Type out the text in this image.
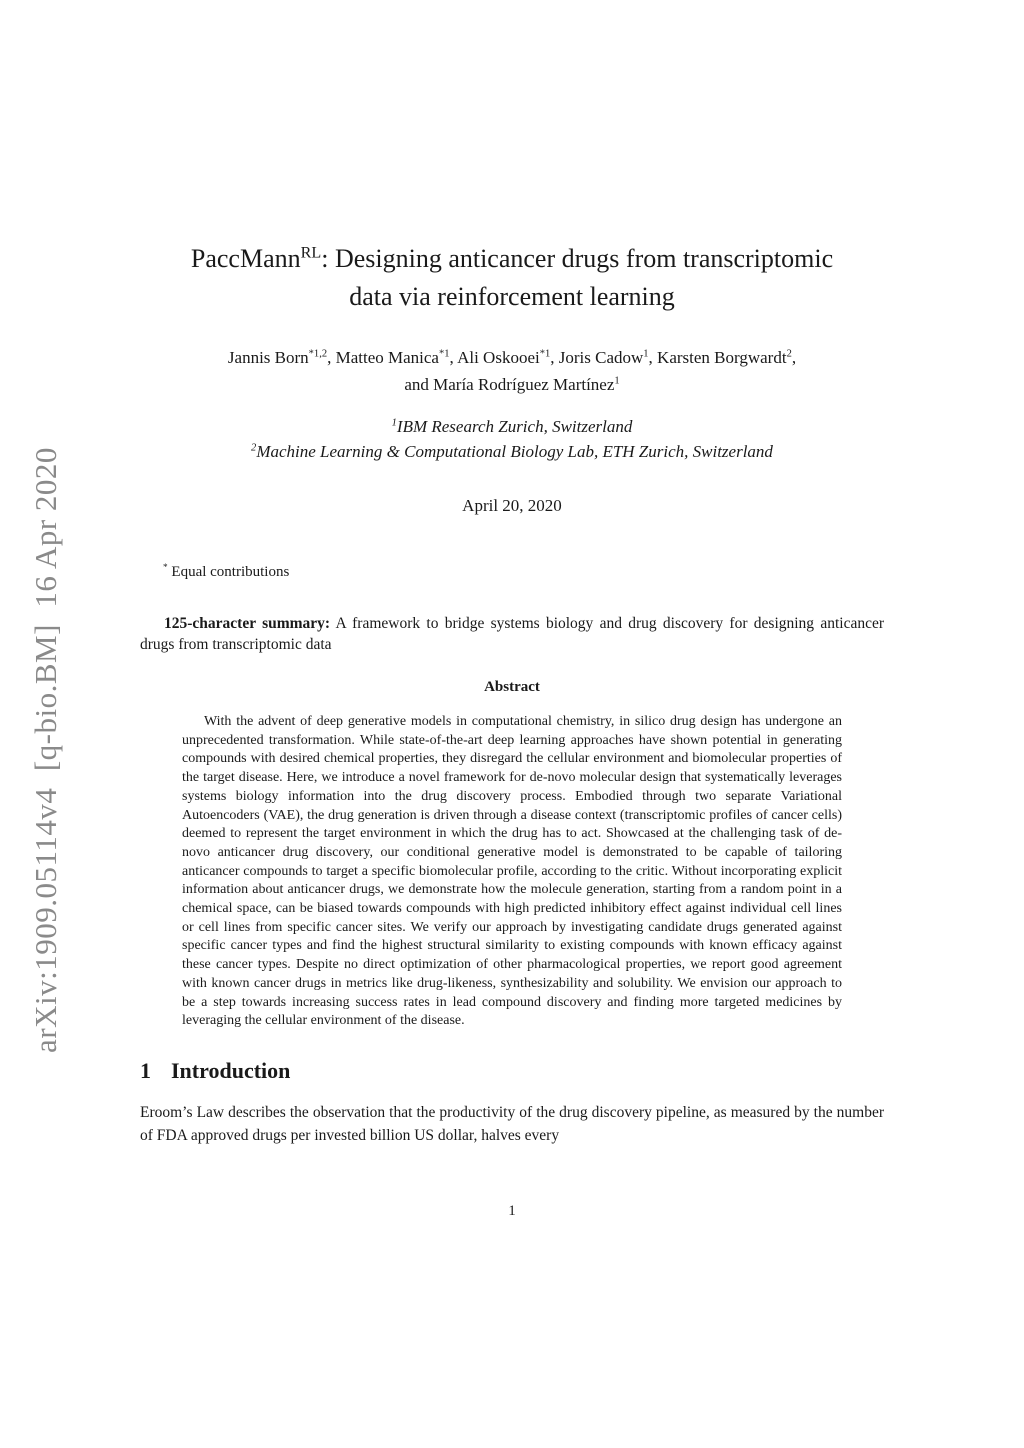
arXiv:1909.05114v4  [q-bio.BM]  16 Apr 2020
PaccMann$^{RL}$: Designing anticancer drugs from transcriptomic
data via reinforcement learning
Jannis Born$^{*1,2}$, Matteo Manica$^{*1}$, Ali Oskooei$^{*1}$, Joris Cadow$^1$, Karsten Borgwardt$^2$,
and María Rodríguez Martínez$^1$
$^1$IBM Research Zurich, Switzerland
$^2$Machine Learning & Computational Biology Lab, ETH Zurich, Switzerland
April 20, 2020
* Equal contributions

125-character summary: A framework to bridge systems biology and drug discovery for designing anticancer drugs from transcriptomic data

Abstract

With the advent of deep generative models in computational chemistry, in silico drug design has undergone an unprecedented transformation. While state-of-the-art deep learning approaches have shown potential in generating compounds with desired chemical properties, they disregard the cellular environment and biomolecular properties of the target disease. Here, we introduce a novel framework for de-novo molecular design that systematically leverages systems biology information into the drug discovery process. Embodied through two separate Variational Autoencoders (VAE), the drug generation is driven through a disease context (transcriptomic profiles of cancer cells) deemed to represent the target environment in which the drug has to act. Showcased at the challenging task of de-novo anticancer drug discovery, our conditional generative model is demonstrated to be capable of tailoring anticancer compounds to target a specific biomolecular profile, according to the critic. Without incorporating explicit information about anticancer drugs, we demonstrate how the molecule generation, starting from a random point in a chemical space, can be biased towards compounds with high predicted inhibitory effect against individual cell lines or cell lines from specific cancer sites. We verify our approach by investigating candidate drugs generated against specific cancer types and find the highest structural similarity to existing compounds with known efficacy against these cancer types. Despite no direct optimization of other pharmacological properties, we report good agreement with known cancer drugs in metrics like drug-likeness, synthesizability and solubility. We envision our approach to be a step towards increasing success rates in lead compound discovery and finding more targeted medicines by leveraging the cellular environment of the disease.

1 Introduction

Eroom’s Law describes the observation that the productivity of the drug discovery pipeline, as measured by the number of FDA approved drugs per invested billion US dollar, halves every

1
